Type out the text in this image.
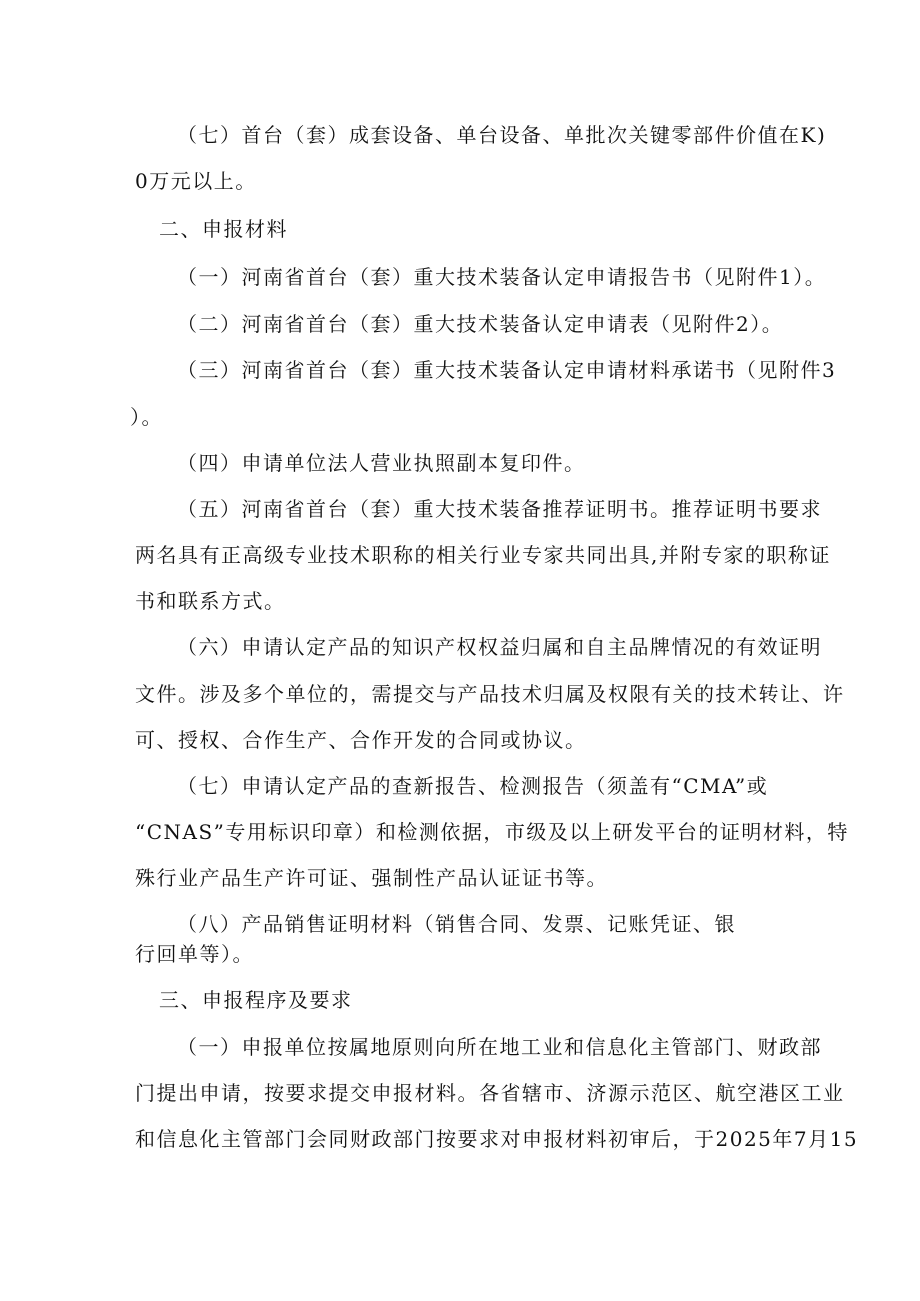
（七）首台（套）成套设备、单台设备、单批次关键零部件价值在K)
0万元以上。
二、申报材料
（一）河南省首台（套）重大技术装备认定申请报告书（见附件1）。
（二）河南省首台（套）重大技术装备认定申请表（见附件2）。
（三）河南省首台（套）重大技术装备认定申请材料承诺书（见附件3
）。
（四）申请单位法人营业执照副本复印件。
（五）河南省首台（套）重大技术装备推荐证明书。推荐证明书要求
两名具有正高级专业技术职称的相关行业专家共同出具,并附专家的职称证
书和联系方式。
（六）申请认定产品的知识产权权益归属和自主品牌情况的有效证明
文件。涉及多个单位的，需提交与产品技术归属及权限有关的技术转让、许
可、授权、合作生产、合作开发的合同或协议。
（七）申请认定产品的查新报告、检测报告（须盖有“CMA”或
“CNAS”专用标识印章）和检测依据，市级及以上研发平台的证明材料，特
殊行业产品生产许可证、强制性产品认证证书等。
（八）产品销售证明材料（销售合同、发票、记账凭证、银
行回单等）。
三、申报程序及要求
（一）申报单位按属地原则向所在地工业和信息化主管部门、财政部
门提出申请，按要求提交申报材料。各省辖市、济源示范区、航空港区工业
和信息化主管部门会同财政部门按要求对申报材料初审后，于2025年7月15
